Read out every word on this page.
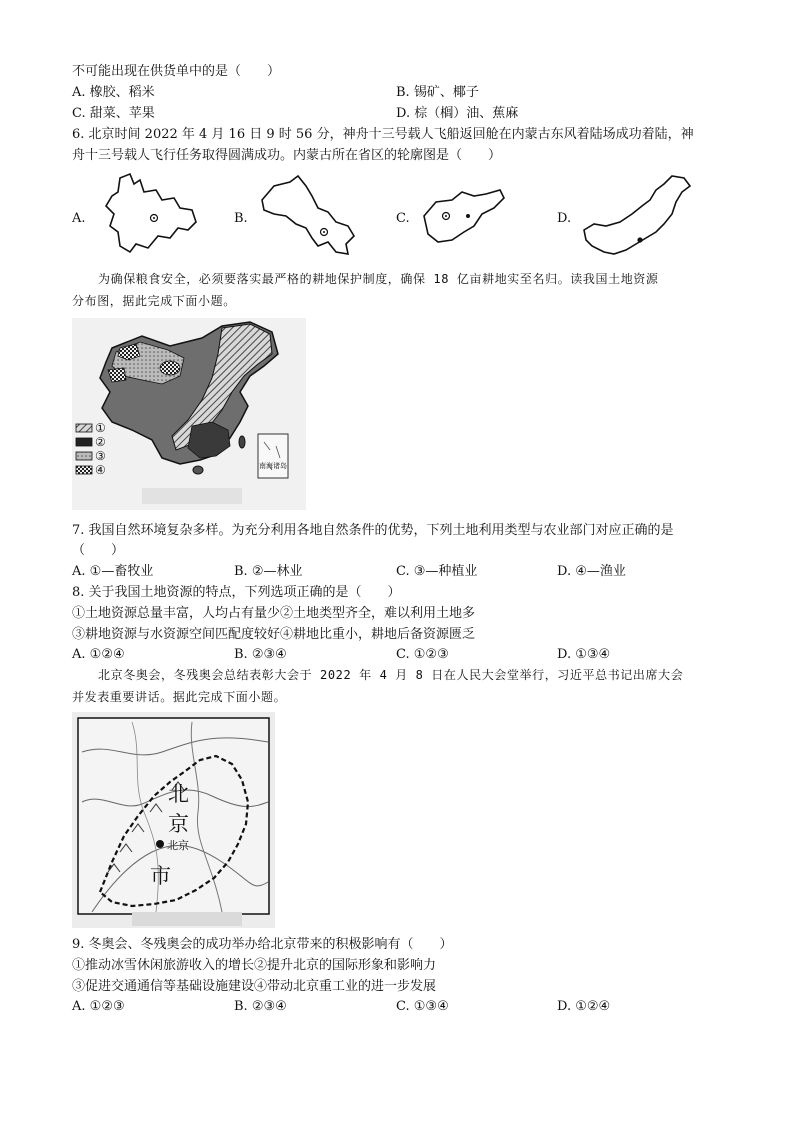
不可能出现在供货单中的是（　　）
A. 橡胶、稻米	B. 锡矿、椰子
C. 甜菜、苹果	D. 棕（榈）油、蕉麻
6. 北京时间 2022 年 4 月 16 日 9 时 56 分，神舟十三号载人飞船返回舱在内蒙古东风着陆场成功着陆，神
舟十三号载人飞行任务取得圆满成功。内蒙古所在省区的轮廓图是（　　）
A.	B.	C.	D.
为确保粮食安全，必须要落实最严格的耕地保护制度，确保 18 亿亩耕地实至名归。读我国土地资源
分布图，据此完成下面小题。
①
②
③
④	南海诸岛
7. 我国自然环境复杂多样。为充分利用各地自然条件的优势，下列土地利用类型与农业部门对应正确的是
（　　）
A. ①—畜牧业	B. ②—林业	C. ③—种植业	D. ④—渔业
8. 关于我国土地资源的特点，下列选项正确的是（　　）
①土地资源总量丰富，人均占有量少②土地类型齐全，难以利用土地多
③耕地资源与水资源空间匹配度较好④耕地比重小，耕地后备资源匮乏
A. ①②④	B. ②③④	C. ①②③	D. ①③④
北京冬奥会，冬残奥会总结表彰大会于 2022 年 4 月 8 日在人民大会堂举行，习近平总书记出席大会
并发表重要讲话。据此完成下面小题。
北
京
市
北京
9. 冬奥会、冬残奥会的成功举办给北京带来的积极影响有（　　）
①推动冰雪休闲旅游收入的增长②提升北京的国际形象和影响力
③促进交通通信等基础设施建设④带动北京重工业的进一步发展
A. ①②③	B. ②③④	C. ①③④	D. ①②④
